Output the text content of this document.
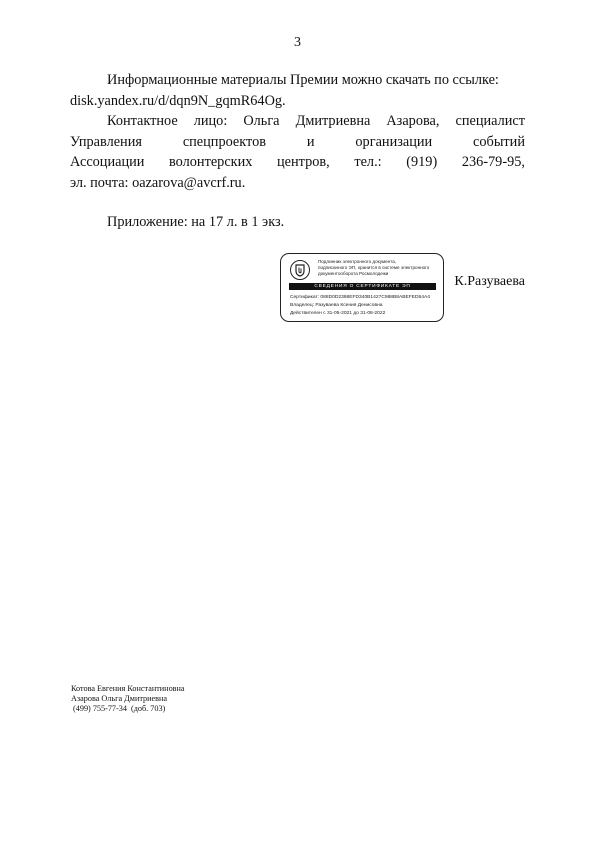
3
Информационные материалы Премии можно скачать по ссылке:
disk.yandex.ru/d/dqn9N_gqmR64Og.
Контактное лицо: Ольга Дмитриевна Азарова, специалист
Управления	спецпроектов	и	организации	событий
Ассоциации волонтерских центров, тел.: (919) 236-79-95,
эл. почта: oazarova@avcrf.ru.
Приложение: на 17 л. в 1 экз.
Подлинник электронного документа,
подписанного ЭП, хранится в системе электронного
документооборота Росмолодежи
СВЕДЕНИЯ О СЕРТИФИКАТЕ ЭП
Сертификат: 088D0D2398EFD340B1427C988B8ABEFED54A4
Владелец: Разуваева Ксения Денисовна
Действителен с 31-05-2021 до 31-08-2022
К.Разуваева
Котова Евгения Константиновна
Азарова Ольга Дмитриевна
(499) 755-77-34  (доб. 703)
